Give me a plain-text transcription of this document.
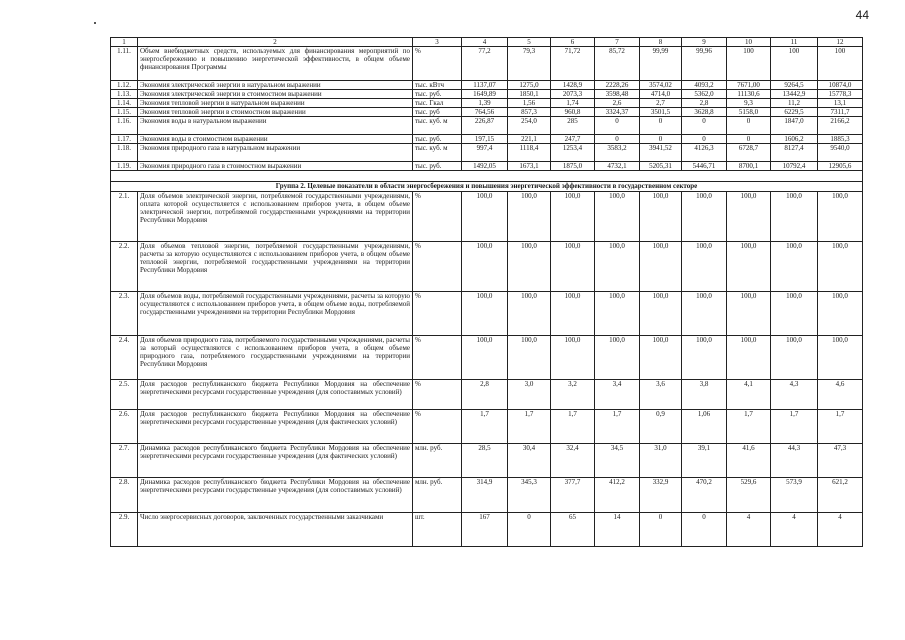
44
1	2	3	4	5	6	7	8	9	10	11	12
1.11.	Объем внебюджетных средств, используемых для финансирования мероприятий по энергосбережению и повышению энергетической эффективности, в общем объеме финансирования Программы	%	77,2	79,3	71,72	85,72	99,99	99,96	100	100	100
1.12.	Экономия электрической энергии в натуральном выражении	тыс. кВтч	1137,07	1275,0	1428,9	2228,26	3574,02	4093,2	7671,00	9264,5	10874,0
1.13.	Экономия электрической энергии в стоимостном выражении	тыс. руб.	1649,89	1850,1	2073,3	3598,48	4714,0	5362,0	11130,6	13442,9	15778,3
1.14.	Экономия тепловой энергии в натуральном выражении	тыс. Гкал	1,39	1,56	1,74	2,6	2,7	2,8	9,3	11,2	13,1
1.15.	Экономия тепловой энергии в стоимостном выражении	тыс. руб	764,56	857,3	960,8	3324,37	3501,5	3628,8	5158,0	6229,5	7311,7
1.16.	Экономия воды в натуральном выражении	тыс. куб. м	226,87	254,0	285	0	0	0	0	1847,0	2166,2
1.17.	Экономия воды в стоимостном выражении	тыс. руб.	197,15	221,1	247,7	0	0	0	0	1606,2	1885,3
1.18.	Экономия природного газа в натуральном выражении	тыс. куб. м	997,4	1118,4	1253,4	3583,2	3941,52	4126,3	6728,7	8127,4	9540,0
1.19.	Экономия природного газа в стоимостном выражении	тыс. руб.	1492,05	1673,1	1875,0	4732,1	5205,31	5446,71	8700,1	10792,4	12905,6

Группа 2. Целевые показатели в области энергосбережения и повышения энергетической эффективности в государственном секторе											
2.1.	Доля объемов электрической энергии, потребляемой государственными учреждениями, оплата которой осуществляется с использованием приборов учета, в общем объеме электрической энергии, потребляемой государственными учреждениями на территории Республики Мордовия	%	100,0	100,0	100,0	100,0	100,0	100,0	100,0	100,0	100,0
2.2.	Доля объемов тепловой энергии, потребляемой государственными учреждениями, расчеты за которую осуществляются с использованием приборов учета, в общем объеме тепловой энергии, потребляемой государственными учреждениями на территории Республики Мордовия	%	100,0	100,0	100,0	100,0	100,0	100,0	100,0	100,0	100,0
2.3.	Доля объемов воды, потребляемой государственными учреждениями, расчеты за которую осуществляются с использованием приборов учета, в общем объеме воды, потребляемой государственными учреждениями на территории Республики Мордовия	%	100,0	100,0	100,0	100,0	100,0	100,0	100,0	100,0	100,0
2.4.	Доля объемов природного газа, потребляемого государственными учреждениями, расчеты за который осуществляются с использованием приборов учета, в общем объеме природного газа, потребляемого государственными учреждениями на территории Республики Мордовия	%	100,0	100,0	100,0	100,0	100,0	100,0	100,0	100,0	100,0
2.5.	Доля расходов республиканского бюджета Республики Мордовия на обеспечение энергетическими ресурсами государственные учреждения (для сопоставимых условий)	%	2,8	3,0	3,2	3,4	3,6	3,8	4,1	4,3	4,6
2.6.	Доля расходов республиканского бюджета Республики Мордовия на обеспечение энергетическими ресурсами государственные учреждения (для фактических условий)	%	1,7	1,7	1,7	1,7	0,9	1,06	1,7	1,7	1,7
2.7.	Динамика расходов республиканского бюджета Республики Мордовия на обеспечение энергетическими ресурсами государственные учреждения (для фактических условий)	млн. руб.	28,5	30,4	32,4	34,5	31,0	39,1	41,6	44,3	47,3
2.8.	Динамика расходов республиканского бюджета Республики Мордовия на обеспечение энергетическими ресурсами государственные учреждения (для сопоставимых условий)	млн. руб.	314,9	345,3	377,7	412,2	332,9	470,2	529,6	573,9	621,2
2.9.	Число энергосервисных договоров, заключенных государственными заказчиками	шт.	167	0	65	14	0	0	4	4	4
